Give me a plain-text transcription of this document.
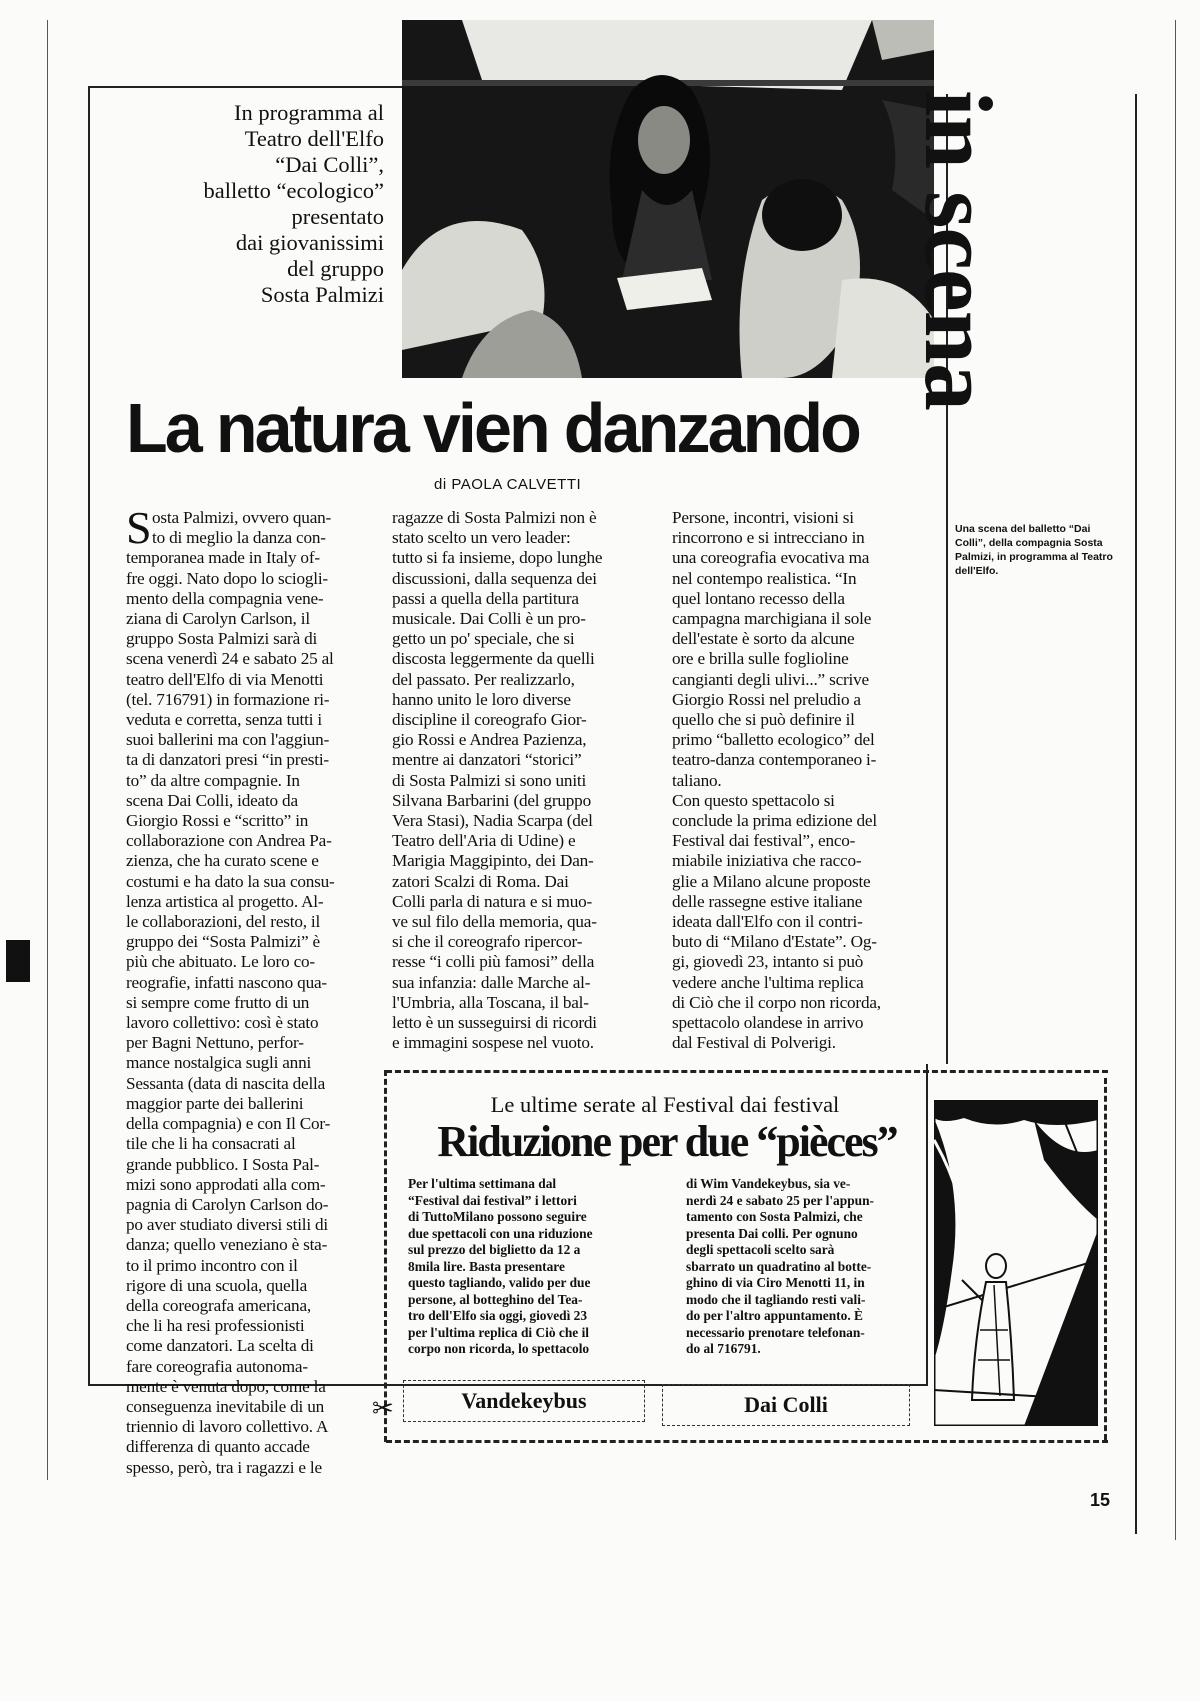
In programma al
Teatro dell'Elfo
“Dai Colli”,
balletto “ecologico”
presentato
dai giovanissimi
del gruppo
Sosta Palmizi
La natura vien danzando
di PAOLA CALVETTI
in scena
Una scena del balletto “Dai Colli”, della compagnia Sosta Palmizi, in programma al Teatro dell'Elfo.
S osta Palmizi, ovvero quan-
to di meglio la danza con-
temporanea made in Italy of-
fre oggi. Nato dopo lo sciogli-
mento della compagnia vene-
ziana di Carolyn Carlson, il
gruppo Sosta Palmizi sarà di
scena venerdì 24 e sabato 25 al
teatro dell'Elfo di via Menotti
(tel. 716791) in formazione ri-
veduta e corretta, senza tutti i
suoi ballerini ma con l'aggiun-
ta di danzatori presi “in presti-
to” da altre compagnie. In
scena Dai Colli, ideato da
Giorgio Rossi e “scritto” in
collaborazione con Andrea Pa-
zienza, che ha curato scene e
costumi e ha dato la sua consu-
lenza artistica al progetto. Al-
le collaborazioni, del resto, il
gruppo dei “Sosta Palmizi” è
più che abituato. Le loro co-
reografie, infatti nascono qua-
si sempre come frutto di un
lavoro collettivo: così è stato
per Bagni Nettuno, perfor-
mance nostalgica sugli anni
Sessanta (data di nascita della
maggior parte dei ballerini
della compagnia) e con Il Cor-
tile che li ha consacrati al
grande pubblico. I Sosta Pal-
mizi sono approdati alla com-
pagnia di Carolyn Carlson do-
po aver studiato diversi stili di
danza; quello veneziano è sta-
to il primo incontro con il
rigore di una scuola, quella
della coreografa americana,
che li ha resi professionisti
come danzatori. La scelta di
fare coreografia autonoma-
mente è venuta dopo, come la
conseguenza inevitabile di un
triennio di lavoro collettivo. A
differenza di quanto accade
spesso, però, tra i ragazzi e le
ragazze di Sosta Palmizi non è
stato scelto un vero leader:
tutto si fa insieme, dopo lunghe
discussioni, dalla sequenza dei
passi a quella della partitura
musicale. Dai Colli è un pro-
getto un po' speciale, che si
discosta leggermente da quelli
del passato. Per realizzarlo,
hanno unito le loro diverse
discipline il coreografo Gior-
gio Rossi e Andrea Pazienza,
mentre ai danzatori “storici”
di Sosta Palmizi si sono uniti
Silvana Barbarini (del gruppo
Vera Stasi), Nadia Scarpa (del
Teatro dell'Aria di Udine) e
Marigia Maggipinto, dei Dan-
zatori Scalzi di Roma. Dai
Colli parla di natura e si muo-
ve sul filo della memoria, qua-
si che il coreografo ripercor-
resse “i colli più famosi” della
sua infanzia: dalle Marche al-
l'Umbria, alla Toscana, il bal-
letto è un susseguirsi di ricordi
e immagini sospese nel vuoto.
Persone, incontri, visioni si
rincorrono e si intrecciano in
una coreografia evocativa ma
nel contempo realistica. “In
quel lontano recesso della
campagna marchigiana il sole
dell'estate è sorto da alcune
ore e brilla sulle foglioline
cangianti degli ulivi...” scrive
Giorgio Rossi nel preludio a
quello che si può definire il
primo “balletto ecologico” del
teatro-danza contemporaneo i-
taliano.
Con questo spettacolo si
conclude la prima edizione del
Festival dai festival”, enco-
miabile iniziativa che racco-
glie a Milano alcune proposte
delle rassegne estive italiane
ideata dall'Elfo con il contri-
buto di “Milano d'Estate”. Og-
gi, giovedì 23, intanto si può
vedere anche l'ultima replica
di Ciò che il corpo non ricorda,
spettacolo olandese in arrivo
dal Festival di Polverigi.
Le ultime serate al Festival dai festival
Riduzione per due “pièces”
Per l'ultima settimana dal
“Festival dai festival” i lettori
di TuttoMilano possono seguire
due spettacoli con una riduzione
sul prezzo del biglietto da 12 a
8mila lire. Basta presentare
questo tagliando, valido per due
persone, al botteghino del Tea-
tro dell'Elfo sia oggi, giovedì 23
per l'ultima replica di Ciò che il
corpo non ricorda, lo spettacolo
di Wim Vandekeybus, sia ve-
nerdì 24 e sabato 25 per l'appun-
tamento con Sosta Palmizi, che
presenta Dai colli. Per ognuno
degli spettacoli scelto sarà
sbarrato un quadratino al botte-
ghino di via Ciro Menotti 11, in
modo che il tagliando resti vali-
do per l'altro appuntamento. È
necessario prenotare telefonan-
do al 716791.
✂	Vandekeybus	Dai Colli
15
